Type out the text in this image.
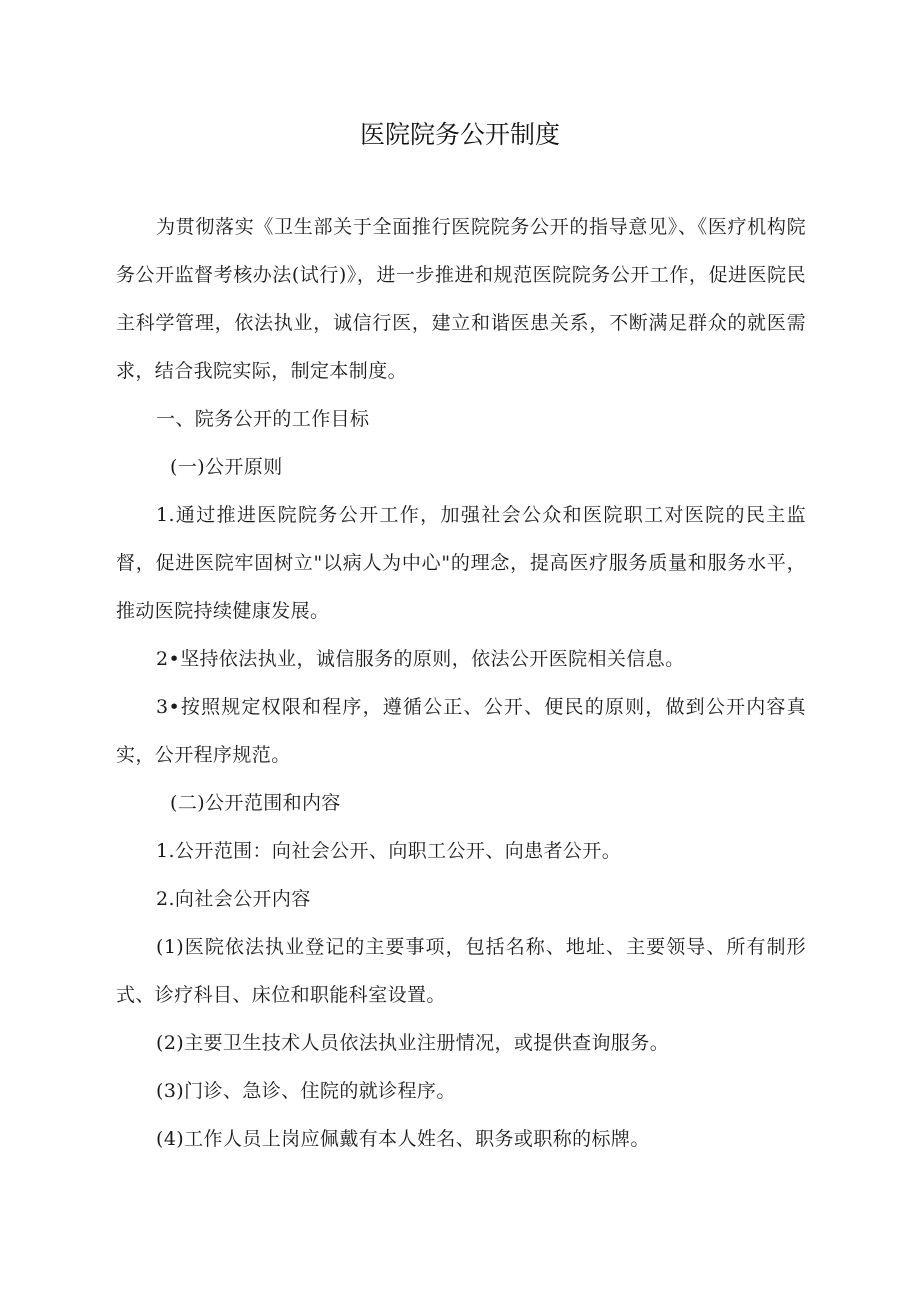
医院院务公开制度

为贯彻落实《卫生部关于全面推行医院院务公开的指导意见》、《医疗机构院务公开监督考核办法(试行)》，进一步推进和规范医院院务公开工作，促进医院民主科学管理，依法执业，诚信行医，建立和谐医患关系，不断满足群众的就医需求，结合我院实际，制定本制度。

一、院务公开的工作目标

(一)公开原则

1.通过推进医院院务公开工作，加强社会公众和医院职工对医院的民主监督，促进医院牢固树立"以病人为中心"的理念，提高医疗服务质量和服务水平，推动医院持续健康发展。

2•坚持依法执业，诚信服务的原则，依法公开医院相关信息。

3•按照规定权限和程序，遵循公正、公开、便民的原则，做到公开内容真实，公开程序规范。

(二)公开范围和内容

1.公开范围：向社会公开、向职工公开、向患者公开。

2.向社会公开内容

(1)医院依法执业登记的主要事项，包括名称、地址、主要领导、所有制形式、诊疗科目、床位和职能科室设置。

(2)主要卫生技术人员依法执业注册情况，或提供查询服务。

(3)门诊、急诊、住院的就诊程序。

(4)工作人员上岗应佩戴有本人姓名、职务或职称的标牌。
